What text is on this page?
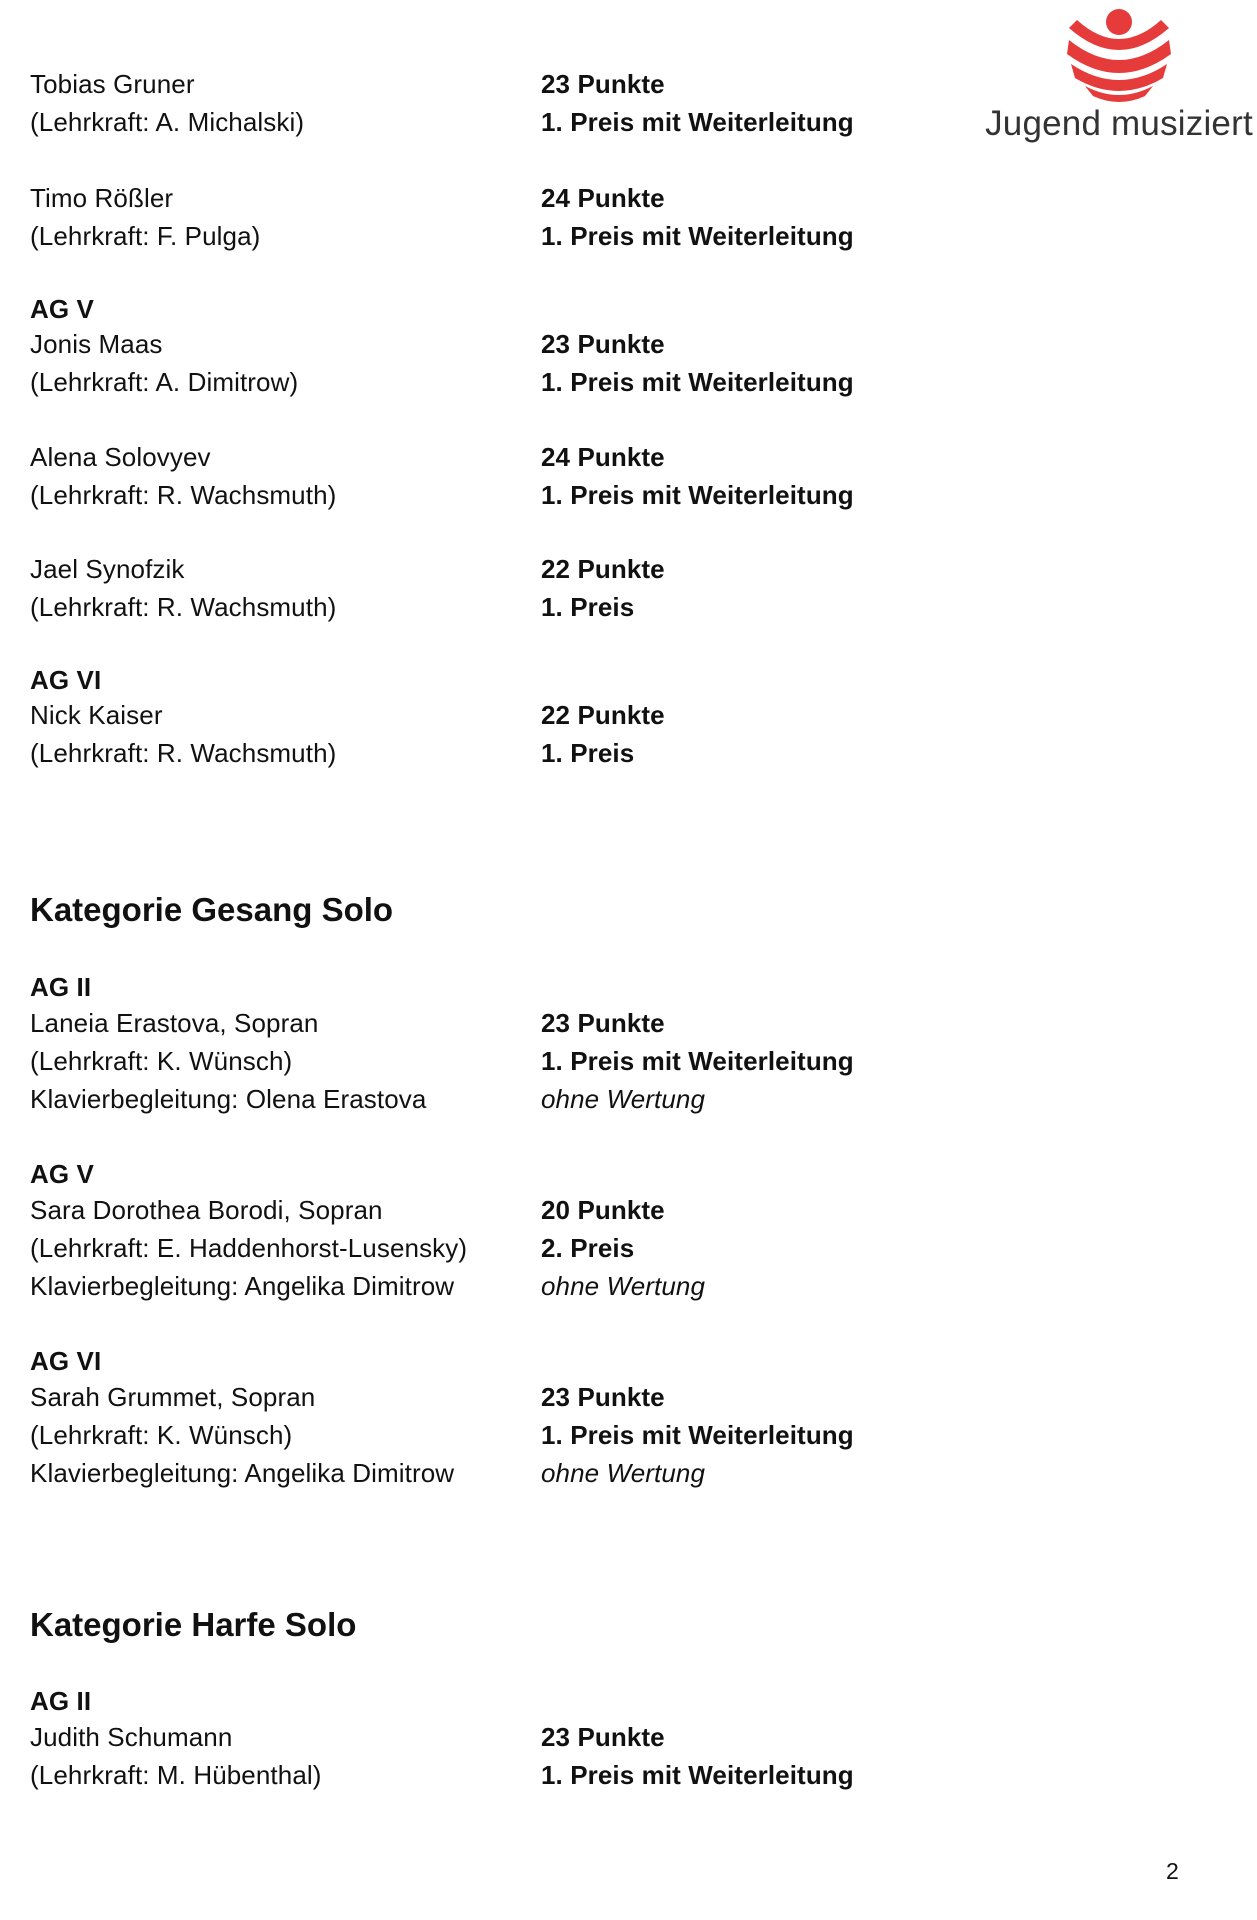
Jugend musiziert
Tobias Gruner
(Lehrkraft: A. Michalski)
Timo Rößler
(Lehrkraft: F. Pulga)
AG V
Jonis Maas
(Lehrkraft: A. Dimitrow)
Alena Solovyev
(Lehrkraft: R. Wachsmuth)
Jael Synofzik
(Lehrkraft: R. Wachsmuth)
AG VI
Nick Kaiser
(Lehrkraft: R. Wachsmuth)
Kategorie Gesang Solo
AG II
Laneia Erastova, Sopran
(Lehrkraft: K. Wünsch)
Klavierbegleitung: Olena Erastova
AG V
Sara Dorothea Borodi, Sopran
(Lehrkraft: E. Haddenhorst-Lusensky)
Klavierbegleitung: Angelika Dimitrow
AG VI
Sarah Grummet, Sopran
(Lehrkraft: K. Wünsch)
Klavierbegleitung: Angelika Dimitrow
Kategorie Harfe Solo
AG II
Judith Schumann
(Lehrkraft: M. Hübenthal)
23 Punkte
1. Preis mit Weiterleitung
24 Punkte
1. Preis mit Weiterleitung
23 Punkte
1. Preis mit Weiterleitung
24 Punkte
1. Preis mit Weiterleitung
22 Punkte
1. Preis
22 Punkte
1. Preis
23 Punkte
1. Preis mit Weiterleitung
ohne Wertung
20 Punkte
2. Preis
ohne Wertung
23 Punkte
1. Preis mit Weiterleitung
ohne Wertung
23 Punkte
1. Preis mit Weiterleitung
2
